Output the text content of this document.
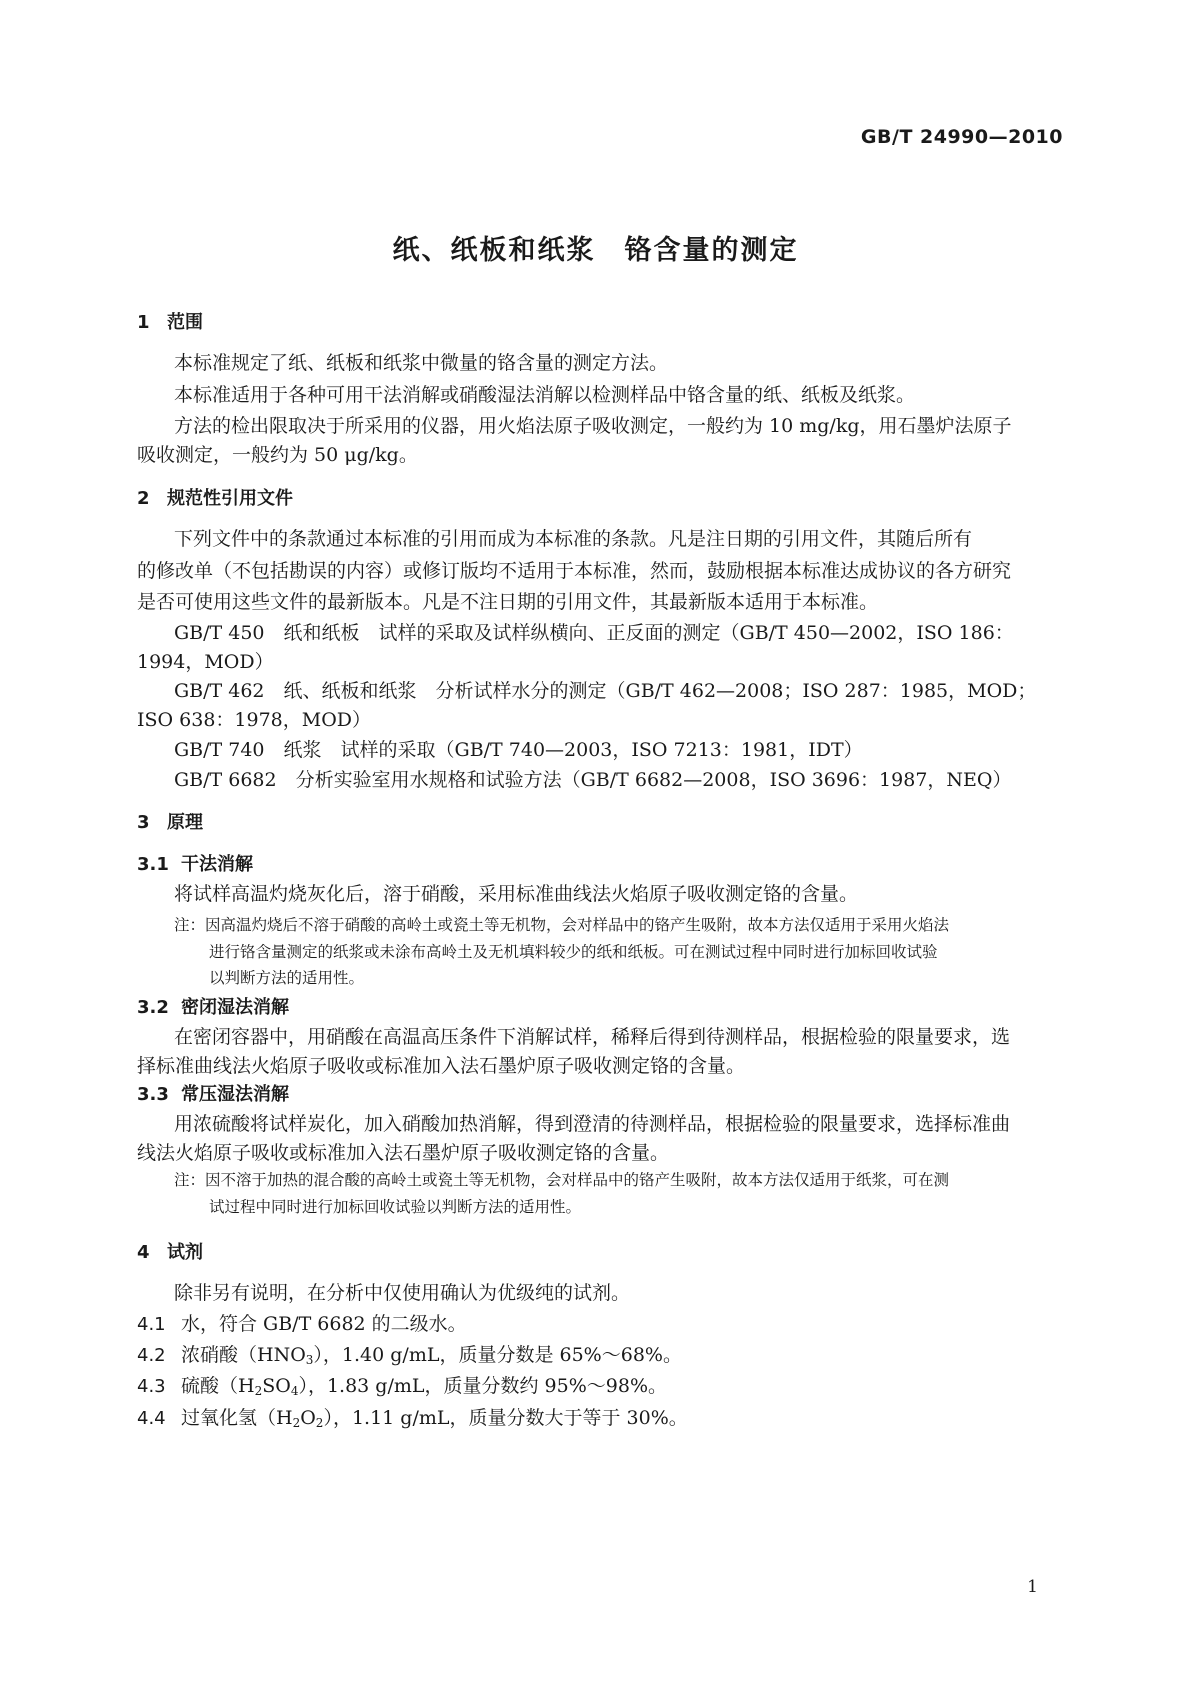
GB/T 24990—2010
纸、纸板和纸浆　铬含量的测定
1 范围
本标准规定了纸、纸板和纸浆中微量的铬含量的测定方法。
本标准适用于各种可用干法消解或硝酸湿法消解以检测样品中铬含量的纸、纸板及纸浆。
方法的检出限取决于所采用的仪器，用火焰法原子吸收测定，一般约为 10 mg/kg，用石墨炉法原子
吸收测定，一般约为 50 μg/kg。
2 规范性引用文件
下列文件中的条款通过本标准的引用而成为本标准的条款。凡是注日期的引用文件，其随后所有
的修改单（不包括勘误的内容）或修订版均不适用于本标准，然而，鼓励根据本标准达成协议的各方研究
是否可使用这些文件的最新版本。凡是不注日期的引用文件，其最新版本适用于本标准。
GB/T 450　纸和纸板　试样的采取及试样纵横向、正反面的测定（GB/T 450—2002，ISO 186：
1994，MOD）
GB/T 462　纸、纸板和纸浆　分析试样水分的测定（GB/T 462—2008；ISO 287：1985，MOD；
ISO 638：1978，MOD）
GB/T 740　纸浆　试样的采取（GB/T 740—2003，ISO 7213：1981，IDT）
GB/T 6682　分析实验室用水规格和试验方法（GB/T 6682—2008，ISO 3696：1987，NEQ）
3 原理
3.1 干法消解
将试样高温灼烧灰化后，溶于硝酸，采用标准曲线法火焰原子吸收测定铬的含量。
注：因高温灼烧后不溶于硝酸的高岭土或瓷土等无机物，会对样品中的铬产生吸附，故本方法仅适用于采用火焰法
进行铬含量测定的纸浆或未涂布高岭土及无机填料较少的纸和纸板。可在测试过程中同时进行加标回收试验
以判断方法的适用性。
3.2 密闭湿法消解
在密闭容器中，用硝酸在高温高压条件下消解试样，稀释后得到待测样品，根据检验的限量要求，选
择标准曲线法火焰原子吸收或标准加入法石墨炉原子吸收测定铬的含量。
3.3 常压湿法消解
用浓硫酸将试样炭化，加入硝酸加热消解，得到澄清的待测样品，根据检验的限量要求，选择标准曲
线法火焰原子吸收或标准加入法石墨炉原子吸收测定铬的含量。
注：因不溶于加热的混合酸的高岭土或瓷土等无机物，会对样品中的铬产生吸附，故本方法仅适用于纸浆，可在测
试过程中同时进行加标回收试验以判断方法的适用性。
4 试剂
除非另有说明，在分析中仅使用确认为优级纯的试剂。
4.1 水，符合 GB/T 6682 的二级水。
4.2 浓硝酸$(HNO_3)$，1.40 g/mL，质量分数是 65%～68%。
4.3 硫酸$(H_2SO_4)$，1.83 g/mL，质量分数约 95%～98%。
4.4 过氧化氢$(H_2O_2)$，1.11 g/mL，质量分数大于等于 30%。
1
